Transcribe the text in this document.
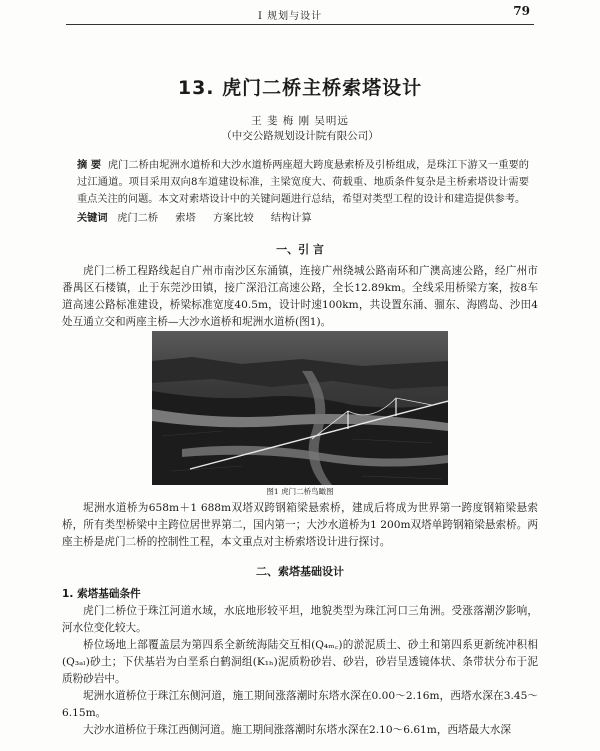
Ⅰ 规划与设计	79
13. 虎门二桥主桥索塔设计
王 斐 梅 刚 吴明远
（中交公路规划设计院有限公司）
摘 要 虎门二桥由坭洲水道桥和大沙水道桥两座超大跨度悬索桥及引桥组成，是珠江下游又一重要的过江通道。项目采用双向8车道建设标准，主梁宽度大、荷载重、地质条件复杂是主桥索塔设计需要重点关注的问题。本文对索塔设计中的关键问题进行总结，希望对类型工程的设计和建造提供参考。
关键词 虎门二桥 索塔 方案比较 结构计算
一、引 言
虎门二桥工程路线起自广州市南沙区东涌镇，连接广州绕城公路南环和广澳高速公路，经广州市番禺区石楼镇，止于东莞沙田镇，接广深沿江高速公路，全长12.89km。全线采用桥梁方案，按8车道高速公路标准建设，桥梁标准宽度40.5m，设计时速100km，共设置东涌、骝东、海鸥岛、沙田4处互通立交和两座主桥—大沙水道桥和坭洲水道桥(图1)。
图1 虎门二桥鸟瞰图
坭洲水道桥为658m＋1 688m双塔双跨钢箱梁悬索桥，建成后将成为世界第一跨度钢箱梁悬索桥，所有类型桥梁中主跨位居世界第二，国内第一；大沙水道桥为1 200m双塔单跨钢箱梁悬索桥。两座主桥是虎门二桥的控制性工程，本文重点对主桥索塔设计进行探讨。
二、索塔基础设计
1. 索塔基础条件
虎门二桥位于珠江河道水域，水底地形较平坦，地貌类型为珠江河口三角洲。受涨落潮汐影响，河水位变化较大。
桥位场地上部覆盖层为第四系全新统海陆交互相(Q₄ₘ꜀)的淤泥质土、砂土和第四系更新统冲积相(Q₃ₐₗ)砂土；下伏基岩为白垩系白鹤洞组(K₁ₕ)泥质粉砂岩、砂岩，砂岩呈透镜体状、条带状分布于泥质粉砂岩中。
坭洲水道桥位于珠江东侧河道，施工期间涨落潮时东塔水深在0.00～2.16m，西塔水深在3.45～6.15m。
大沙水道桥位于珠江西侧河道。施工期间涨落潮时东塔水深在2.10～6.61m，西塔最大水深
